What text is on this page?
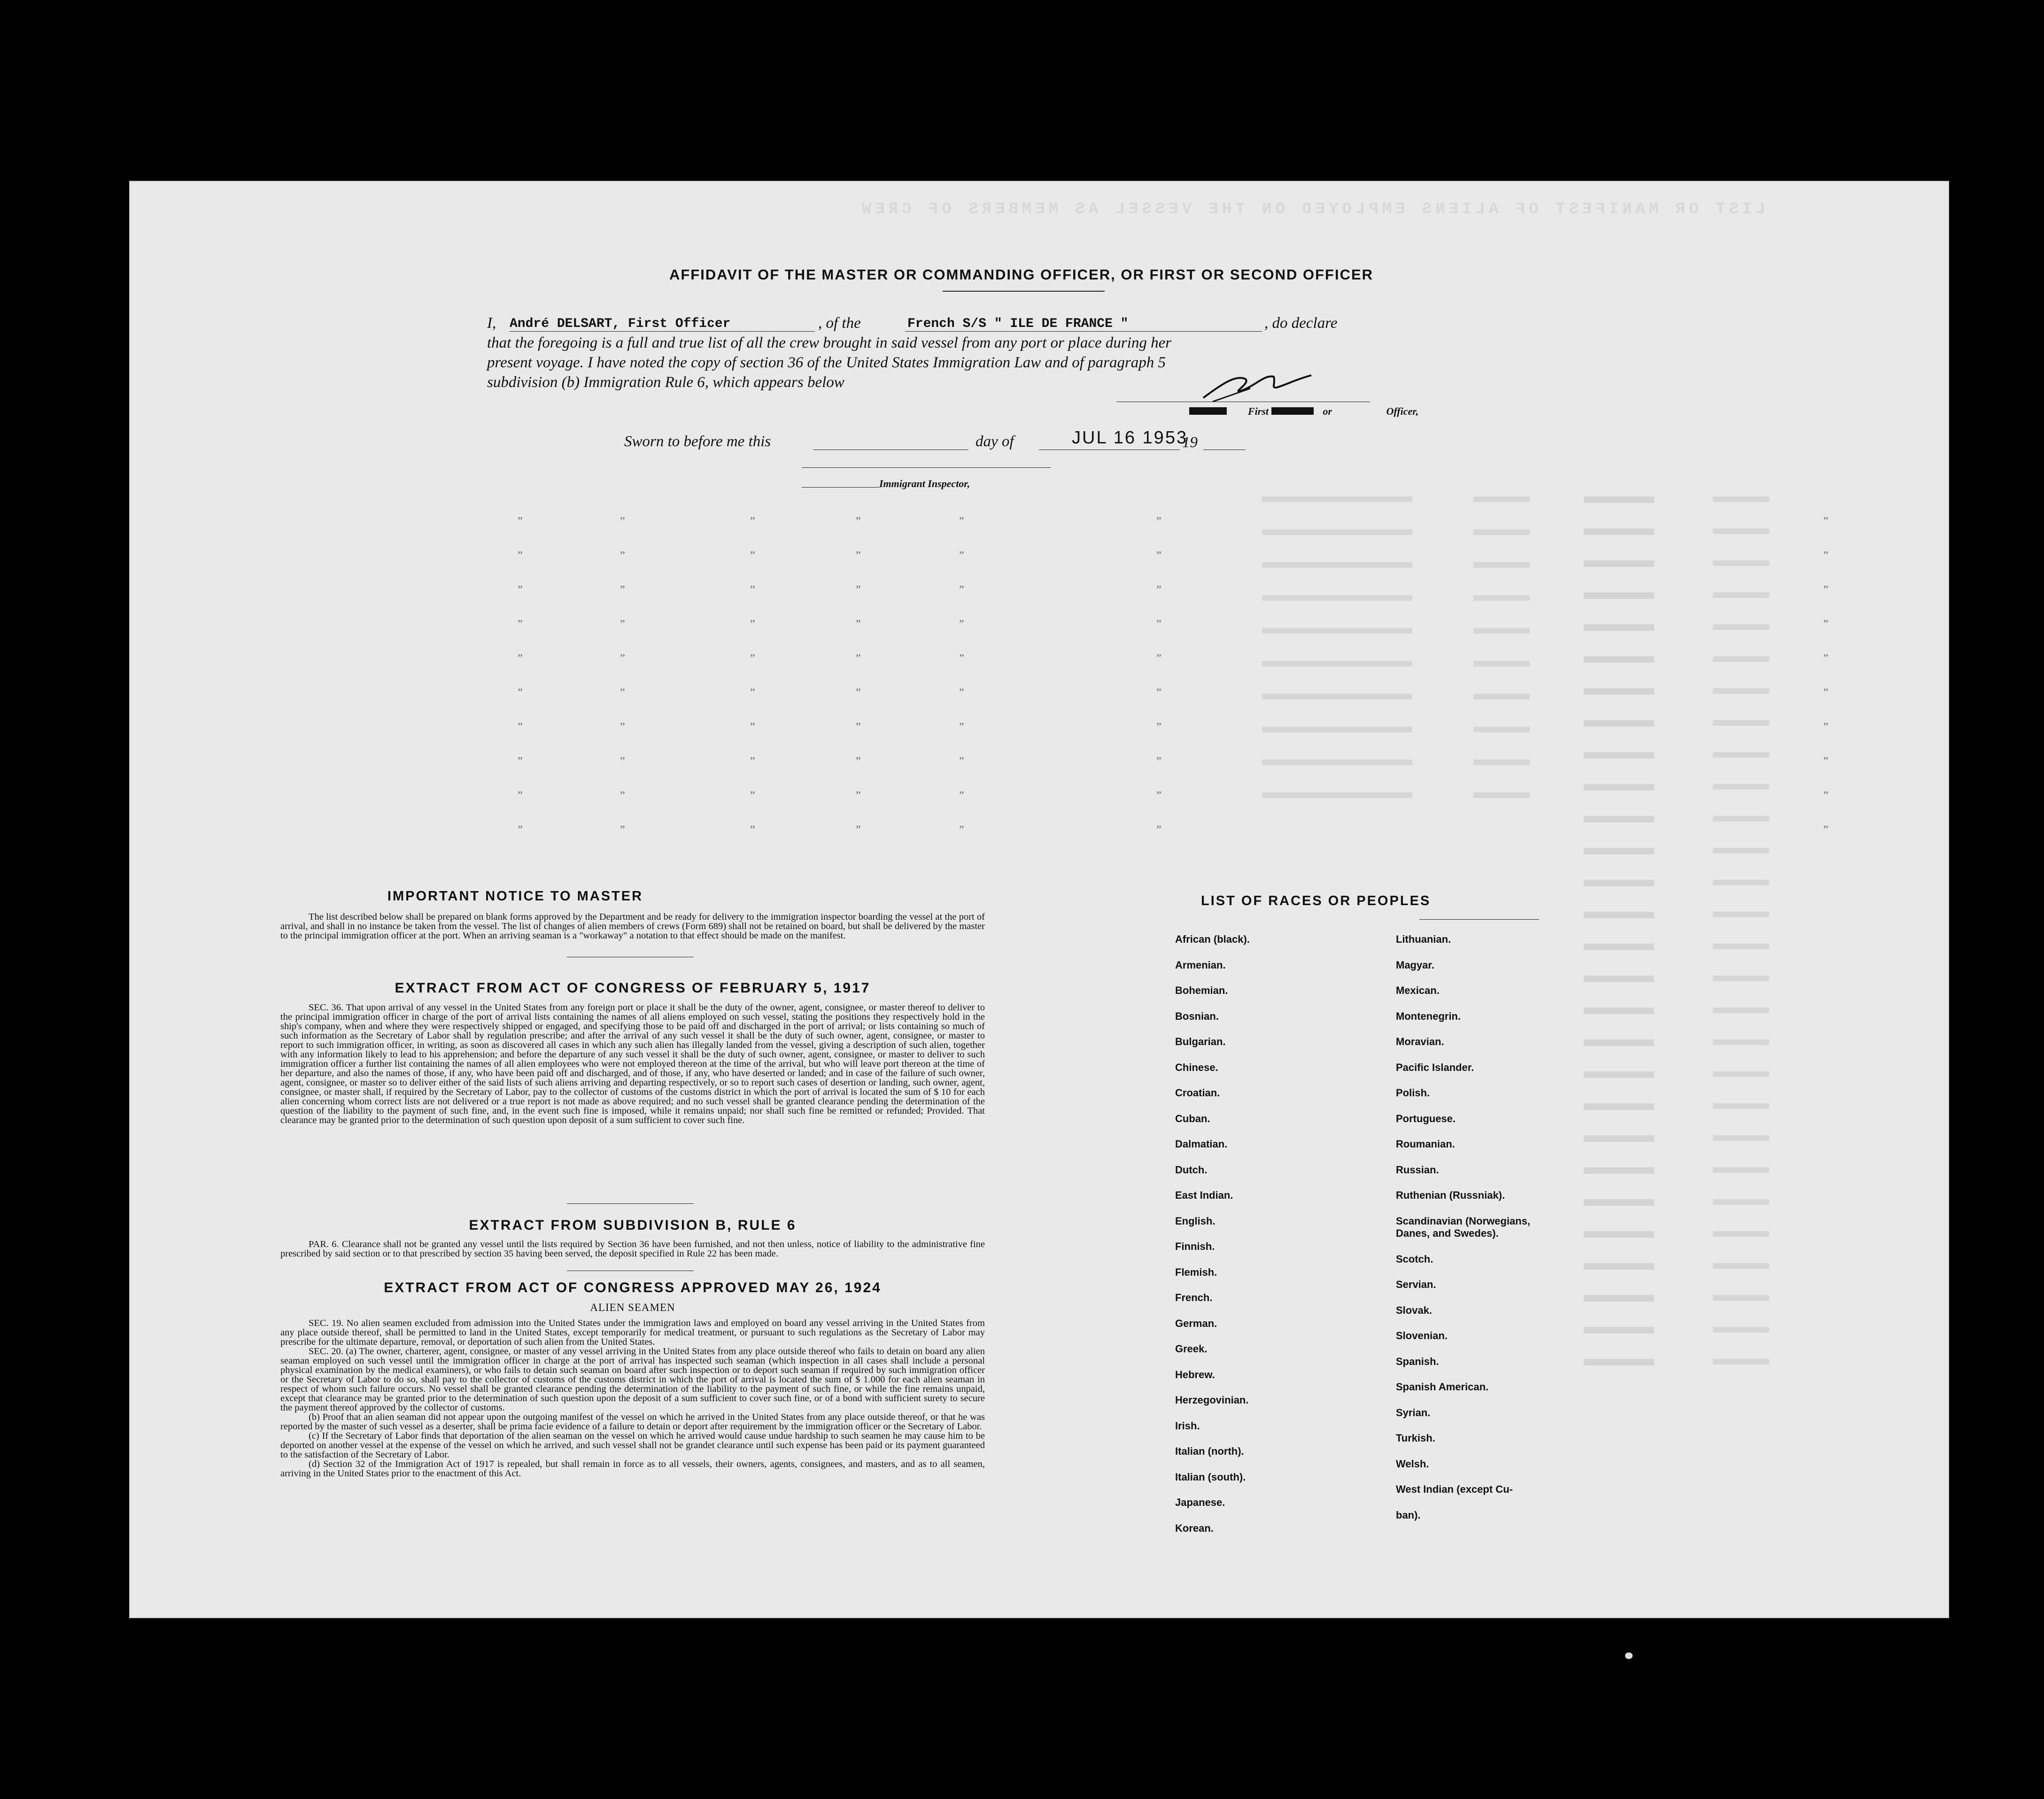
LIST OR MANIFEST OF ALIENS EMPLOYED ON THE VESSEL AS MEMBERS OF CREW
”	”	”	”	”	”	”
”	”	”	”	”	”	”
”	”	”	”	”	”	”
”	”	”	”	”	”	”
”	”	”	”	”	”	”
”	”	”	”	”	”	”
”	”	”	”	”	”	”
”	”	”	”	”	”	”
”	”	”	”	”	”	”
”	”	”	”	”	”	”
AFFIDAVIT OF THE MASTER OR COMMANDING OFFICER, OR FIRST OR SECOND OFFICER
I, André DELSART, First Officer	, of the	French S/S " ILE DE FRANCE "	, do declare
that the foregoing is a full and true list of all the crew brought in said vessel from any port or place during her
present voyage. I have noted the copy of section 36 of the United States Immigration Law and of paragraph 5
subdivision (b) Immigration Rule 6, which appears below
First or Officer,
Sworn to before me this	day of	JUL 16 1953
19
Immigrant Inspector,
IMPORTANT NOTICE TO MASTER

The list described below shall be prepared on blank forms approved by the Department and be ready for delivery to the immigration inspector boarding the vessel at the port of arrival, and shall in no instance be taken from the vessel. The list of changes of alien members of crews (Form 689) shall not be retained on board, but shall be delivered by the master to the principal immigration officer at the port. When an arriving seaman is a "workaway" a notation to that effect should be made on the manifest.

EXTRACT FROM ACT OF CONGRESS OF FEBRUARY 5, 1917

SEC. 36. That upon arrival of any vessel in the United States from any foreign port or place it shall be the duty of the owner, agent, consignee, or master thereof to deliver to the principal immigration officer in charge of the port of arrival lists containing the names of all aliens employed on such vessel, stating the positions they respectively hold in the ship's company, when and where they were respectively shipped or engaged, and specifying those to be paid off and discharged in the port of arrival; or lists containing so much of such information as the Secretary of Labor shall by regulation prescribe; and after the arrival of any such vessel it shall be the duty of such owner, agent, consignee, or master to report to such immigration officer, in writing, as soon as discovered all cases in which any such alien has illegally landed from the vessel, giving a description of such alien, together with any information likely to lead to his apprehension; and before the departure of any such vessel it shall be the duty of such owner, agent, consignee, or master to deliver to such immigration officer a further list containing the names of all alien employees who were not employed thereon at the time of the arrival, but who will leave port thereon at the time of her departure, and also the names of those, if any, who have been paid off and discharged, and of those, if any, who have deserted or landed; and in case of the failure of such owner, agent, consignee, or master so to deliver either of the said lists of such aliens arriving and departing respectively, or so to report such cases of desertion or landing, such owner, agent, consignee, or master shall, if required by the Secretary of Labor, pay to the collector of customs of the customs district in which the port of arrival is located the sum of $ 10 for each alien concerning whom correct lists are not delivered or a true report is not made as above required; and no such vessel shall be granted clearance pending the determination of the question of the liability to the payment of such fine, and, in the event such fine is imposed, while it remains unpaid; nor shall such fine be remitted or refunded; Provided. That clearance may be granted prior to the determination of such question upon deposit of a sum sufficient to cover such fine.

EXTRACT FROM SUBDIVISION B, RULE 6

PAR. 6. Clearance shall not be granted any vessel until the lists required by Section 36 have been furnished, and not then unless, notice of liability to the administrative fine prescribed by said section or to that prescribed by section 35 having been served, the deposit specified in Rule 22 has been made.

EXTRACT FROM ACT OF CONGRESS APPROVED MAY 26, 1924
ALIEN SEAMEN

SEC. 19. No alien seamen excluded from admission into the United States under the immigration laws and employed on board any vessel arriving in the United States from any place outside thereof, shall be permitted to land in the United States, except temporarily for medical treatment, or pursuant to such regulations as the Secretary of Labor may prescribe for the ultimate departure, removal, or deportation of such alien from the United States.

SEC. 20. (a) The owner, charterer, agent, consignee, or master of any vessel arriving in the United States from any place outside thereof who fails to detain on board any alien seaman employed on such vessel until the immigration officer in charge at the port of arrival has inspected such seaman (which inspection in all cases shall include a personal physical examination by the medical examiners), or who fails to detain such seaman on board after such inspection or to deport such seaman if required by such immigration officer or the Secretary of Labor to do so, shall pay to the collector of customs of the customs district in which the port of arrival is located the sum of $ 1.000 for each alien seaman in respect of whom such failure occurs. No vessel shall be granted clearance pending the determination of the liability to the payment of such fine, or while the fine remains unpaid, except that clearance may be granted prior to the determination of such question upon the deposit of a sum sufficient to cover such fine, or of a bond with sufficient surety to secure the payment thereof approved by the collector of customs.

(b) Proof that an alien seaman did not appear upon the outgoing manifest of the vessel on which he arrived in the United States from any place outside thereof, or that he was reported by the master of such vessel as a deserter, shall be prima facie evidence of a failure to detain or deport after requirement by the immigration officer or the Secretary of Labor.

(c) If the Secretary of Labor finds that deportation of the alien seaman on the vessel on which he arrived would cause undue hardship to such seamen he may cause him to be deported on another vessel at the expense of the vessel on which he arrived, and such vessel shall not be grandet clearance until such expense has been paid or its payment guaranteed to the satisfaction of the Secretary of Labor.

(d) Section 32 of the Immigration Act of 1917 is repealed, but shall remain in force as to all vessels, their owners, agents, consignees, and masters, and as to all seamen, arriving in the United States prior to the enactment of this Act.

LIST OF RACES OR PEOPLES
African (black).
Armenian.
Bohemian.
Bosnian.
Bulgarian.
Chinese.
Croatian.
Cuban.
Dalmatian.
Dutch.
East Indian.
English.
Finnish.
Flemish.
French.
German.
Greek.
Hebrew.
Herzegovinian.
Irish.
Italian (north).
Italian (south).
Japanese.
Korean.
Lithuanian.
Magyar.
Mexican.
Montenegrin.
Moravian.
Pacific Islander.
Polish.
Portuguese.
Roumanian.
Russian.
Ruthenian (Russniak).
Scandinavian (Norwegians,
Danes, and Swedes).
Scotch.
Servian.
Slovak.
Slovenian.
Spanish.
Spanish American.
Syrian.
Turkish.
Welsh.
West Indian (except Cu-
ban).
